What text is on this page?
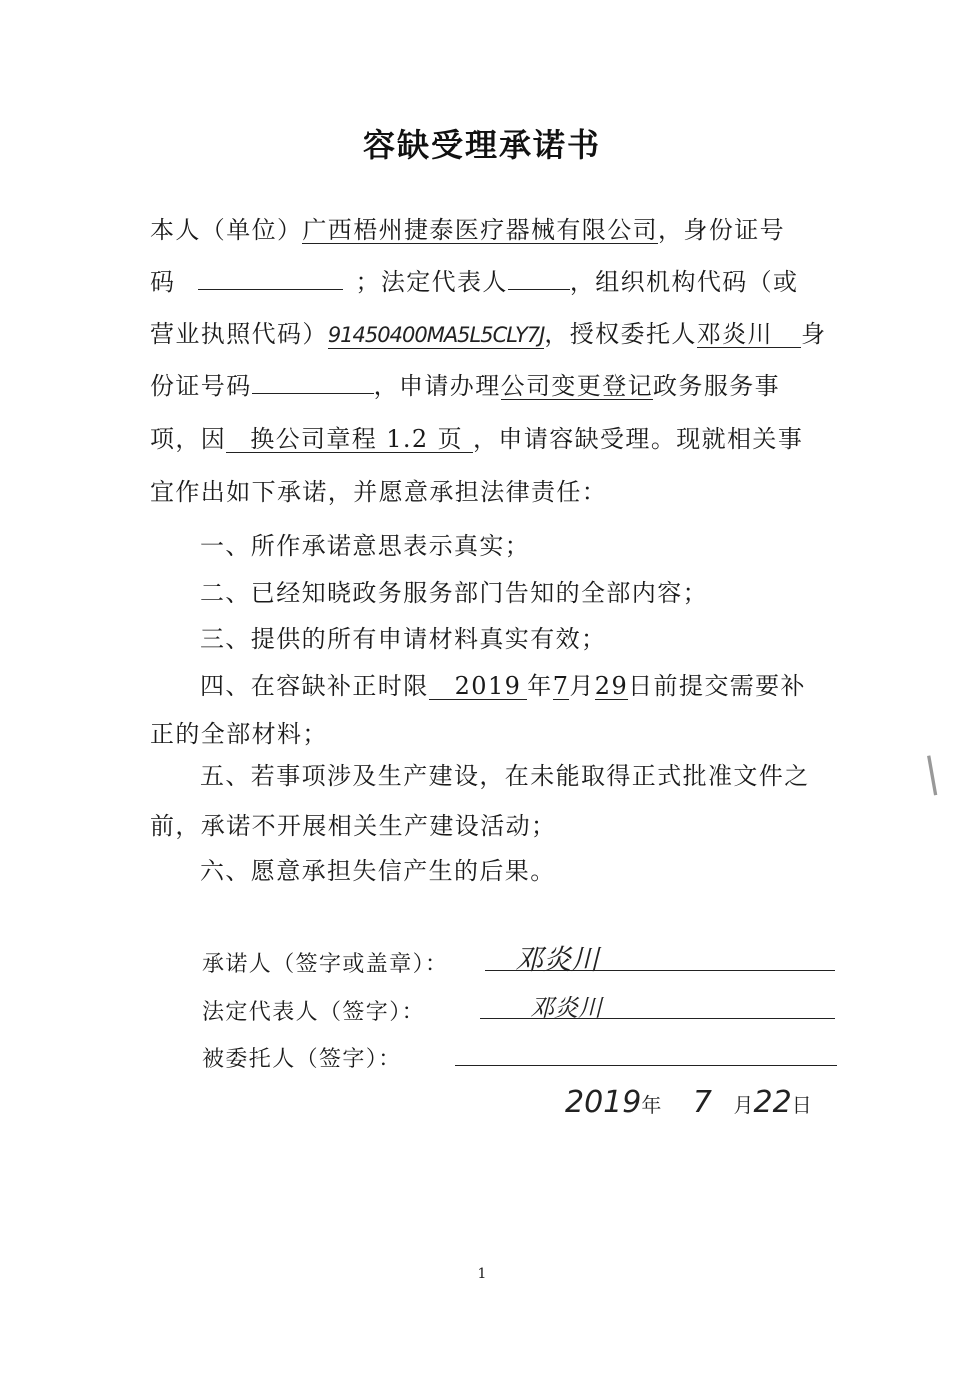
容缺受理承诺书
本人（单位）广西梧州捷泰医疗器械有限公司，身份证号
码	；法定代表人	，组织机构代码（或
营业执照代码）91450400MA5L5CLY7J，授权委托人邓炎川 身
份证号码	，申请办理公司变更登记政务服务事
项，因 换公司章程 1.2 页 ，申请容缺受理。现就相关事
宜作出如下承诺，并愿意承担法律责任：
一、所作承诺意思表示真实；
二、已经知晓政务服务部门告知的全部内容；
三、提供的所有申请材料真实有效；
四、在容缺补正时限 2019 年7月29日前提交需要补
正的全部材料；
五、若事项涉及生产建设，在未能取得正式批准文件之
前，承诺不开展相关生产建设活动；
六、愿意承担失信产生的后果。
承诺人（签字或盖章）： 邓炎川
法定代表人（签字）：	邓炎川
被委托人（签字）：
2019年 7 月22日
1
|
